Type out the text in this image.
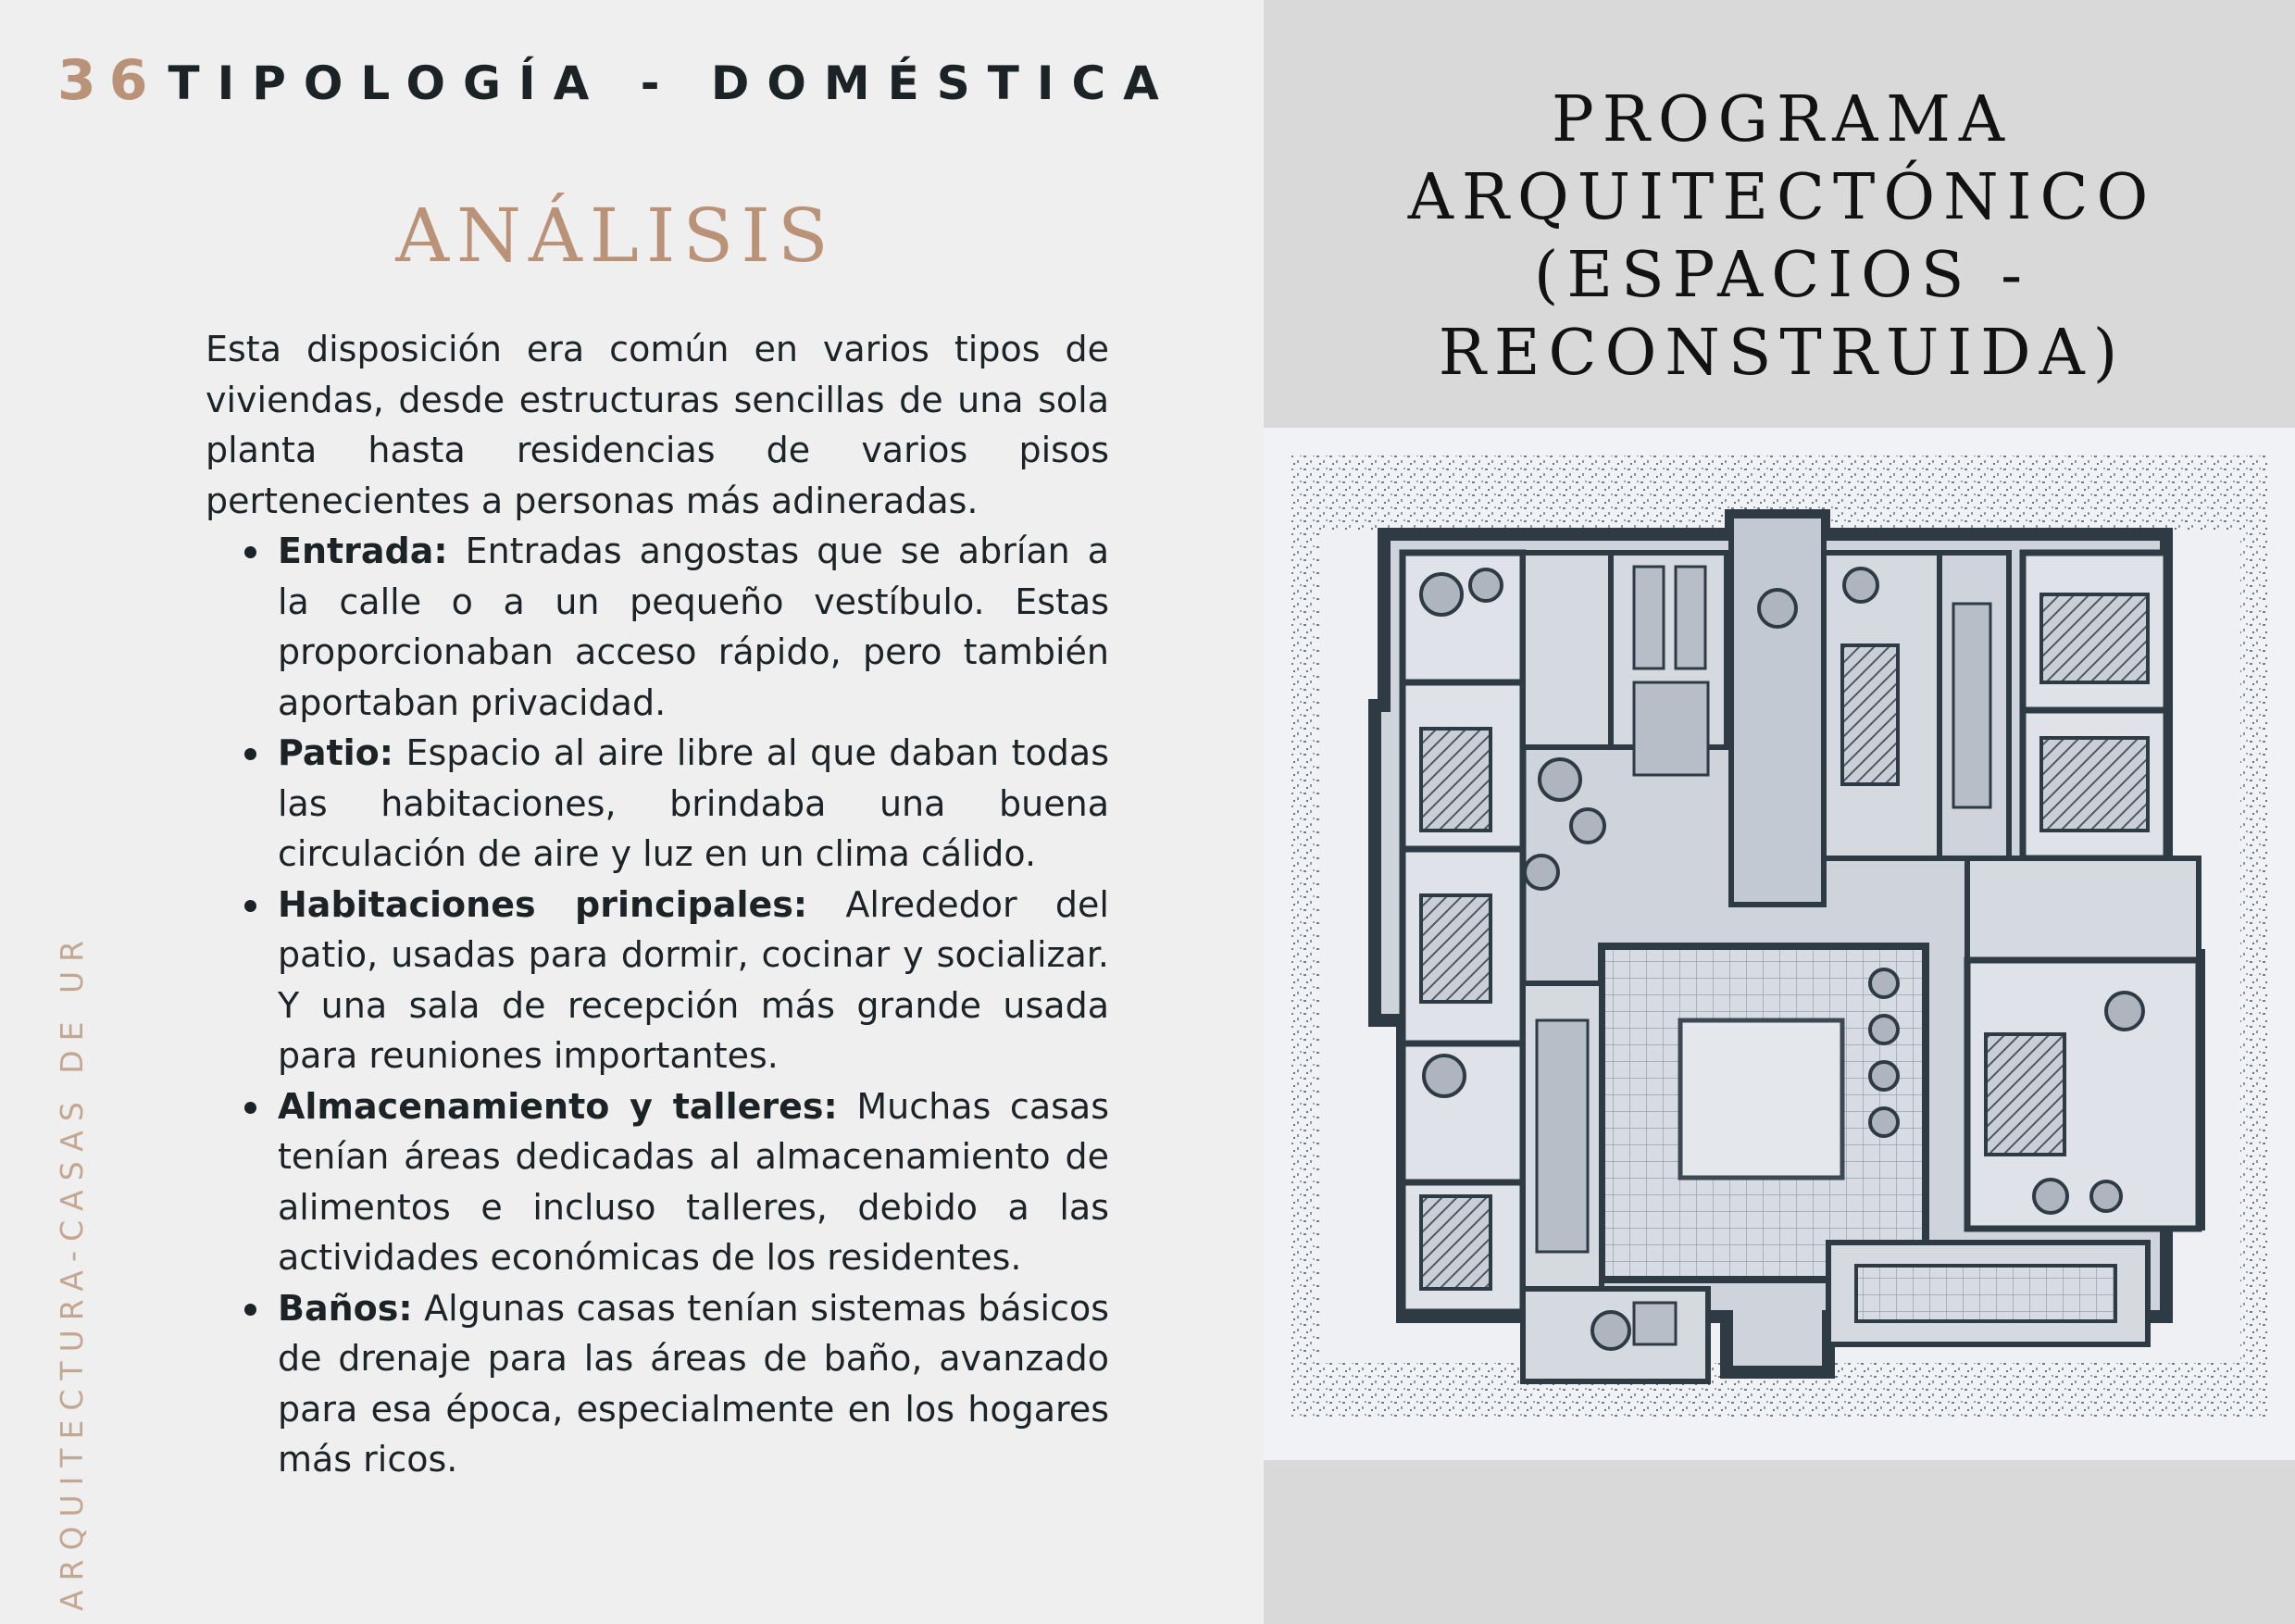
36 TIPOLOGÍA - DOMÉSTICA
ANÁLISIS

Esta disposición era común en varios tipos de viviendas, desde estructuras sencillas de una sola planta hasta residencias de varios pisos pertenecientes a personas más adineradas.

Entrada: Entradas angostas que se abrían a la calle o a un pequeño vestíbulo. Estas proporcionaban acceso rápido, pero también aportaban privacidad.
Patio: Espacio al aire libre al que daban todas las habitaciones, brindaba una buena circulación de aire y luz en un clima cálido.
Habitaciones principales: Alrededor del patio, usadas para dormir, cocinar y socializar. Y una sala de recepción más grande usada para reuniones importantes.
Almacenamiento y talleres: Muchas casas tenían áreas dedicadas al almacenamiento de alimentos e incluso talleres, debido a las actividades económicas de los residentes.
Baños: Algunas casas tenían sistemas básicos de drenaje para las áreas de baño, avanzado para esa época, especialmente en los hogares más ricos.
ARQUITECTURA-CASAS DE UR
PROGRAMA
ARQUITECTÓNICO
(ESPACIOS -
RECONSTRUIDA)
